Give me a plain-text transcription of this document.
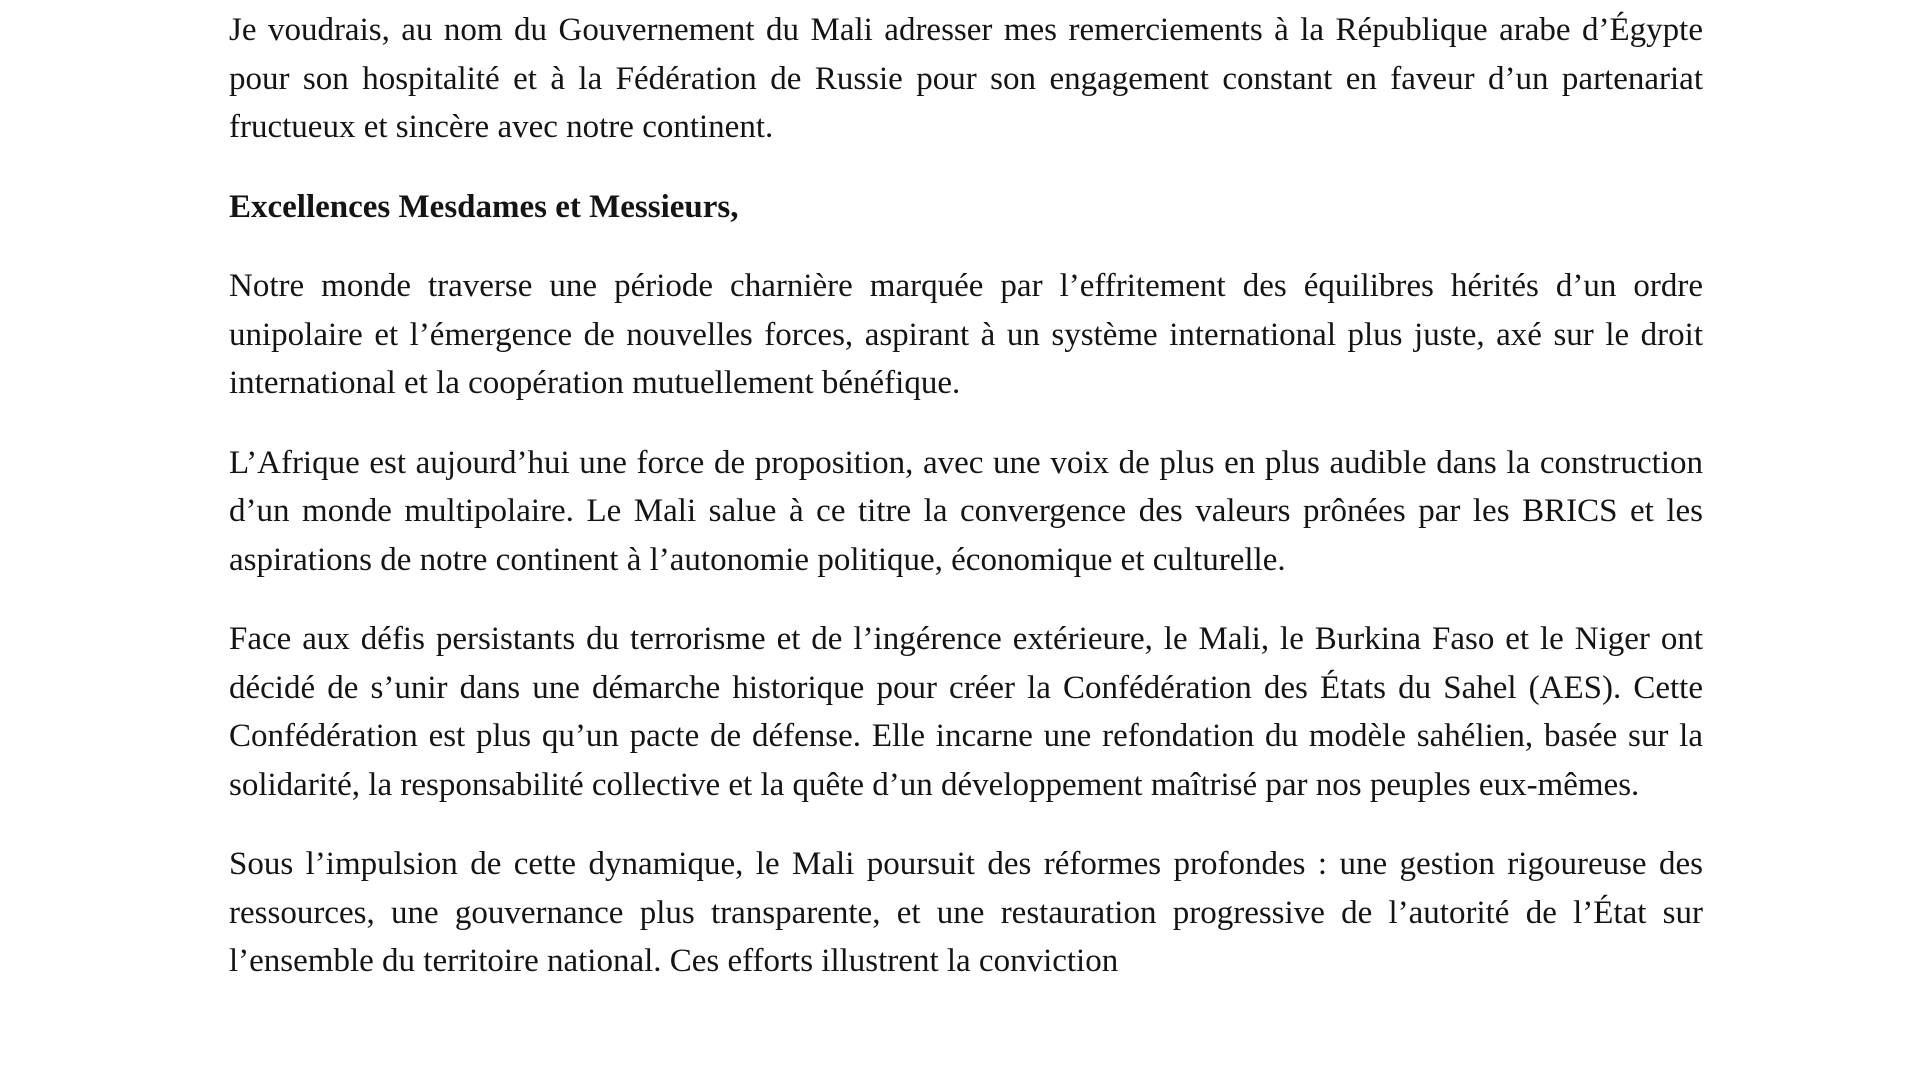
Je voudrais, au nom du Gouvernement du Mali adresser mes remerciements à la République arabe d’Égypte pour son hospitalité et à la Fédération de Russie pour son engagement constant en faveur d’un partenariat fructueux et sincère avec notre continent.

Excellences Mesdames et Messieurs,

Notre monde traverse une période charnière marquée par l’effritement des équilibres hérités d’un ordre unipolaire et l’émergence de nouvelles forces, aspirant à un système international plus juste, axé sur le droit international et la coopération mutuellement bénéfique.

L’Afrique est aujourd’hui une force de proposition, avec une voix de plus en plus audible dans la construction d’un monde multipolaire. Le Mali salue à ce titre la convergence des valeurs prônées par les BRICS et les aspirations de notre continent à l’autonomie politique, économique et culturelle.

Face aux défis persistants du terrorisme et de l’ingérence extérieure, le Mali, le Burkina Faso et le Niger ont décidé de s’unir dans une démarche historique pour créer la Confédération des États du Sahel (AES). Cette Confédération est plus qu’un pacte de défense. Elle incarne une refondation du modèle sahélien, basée sur la solidarité, la responsabilité collective et la quête d’un développement maîtrisé par nos peuples eux-mêmes.

Sous l’impulsion de cette dynamique, le Mali poursuit des réformes profondes : une gestion rigoureuse des ressources, une gouvernance plus transparente, et une restauration progressive de l’autorité de l’État sur l’ensemble du territoire national. Ces efforts illustrent la conviction
